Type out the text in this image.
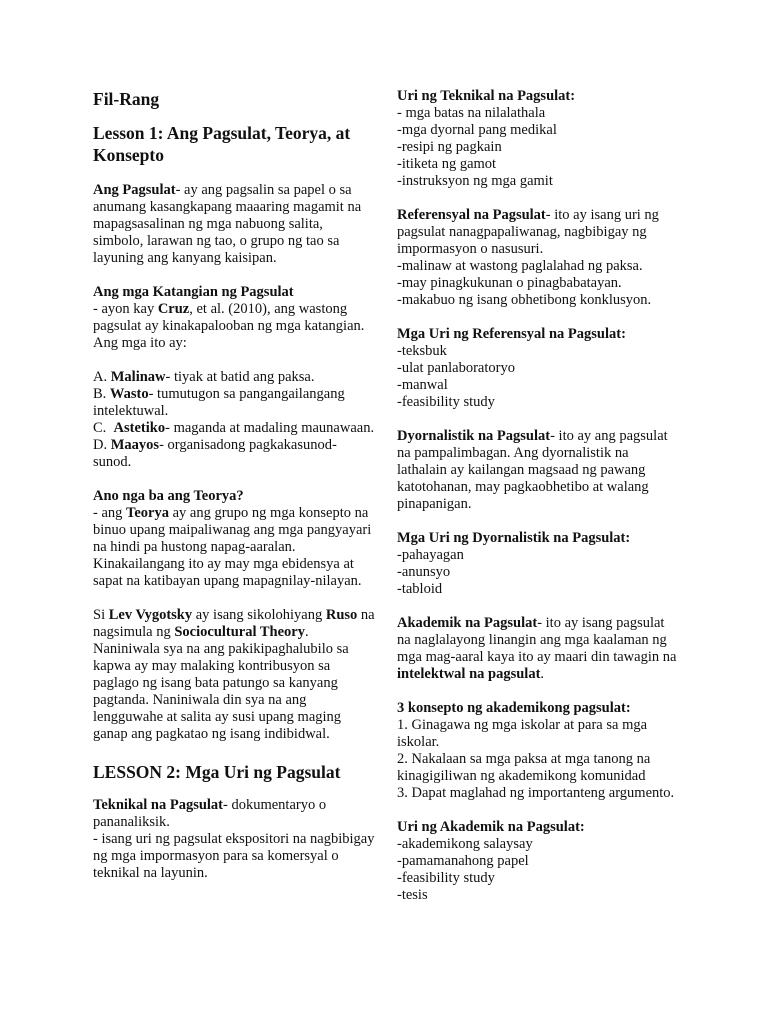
Fil-Rang

Lesson 1: Ang Pagsulat, Teorya, at Konsepto

Ang Pagsulat- ay ang pagsalin sa papel o sa anumang kasangkapang maaaring magamit na mapagsasalinan ng mga nabuong salita, simbolo, larawan ng tao, o grupo ng tao sa layuning ang kanyang kaisipan.

Ang mga Katangian ng Pagsulat

- ayon kay Cruz, et al. (2010), ang wastong pagsulat ay kinakapalooban ng mga katangian. Ang mga ito ay:

A. Malinaw- tiyak at batid ang paksa.

B. Wasto- tumutugon sa pangangailangang intelektuwal.

C.  Astetiko- maganda at madaling maunawaan.

D. Maayos- organisadong pagkakasunod-sunod.

Ano nga ba ang Teorya?

- ang Teorya ay ang grupo ng mga konsepto na binuo upang maipaliwanag ang mga pangyayari na hindi pa hustong napag-aaralan. Kinakailangang ito ay may mga ebidensya at sapat na katibayan upang mapagnilay-nilayan.

Si Lev Vygotsky ay isang sikolohiyang Ruso na nagsimula ng Sociocultural Theory. Naniniwala sya na ang pakikipaghalubilo sa kapwa ay may malaking kontribusyon sa paglago ng isang bata patungo sa kanyang pagtanda. Naniniwala din sya na ang lengguwahe at salita ay susi upang maging ganap ang pagkatao ng isang indibidwal.

LESSON 2: Mga Uri ng Pagsulat

Teknikal na Pagsulat- dokumentaryo o pananaliksik.

- isang uri ng pagsulat ekspositori na nagbibigay ng mga impormasyon para sa komersyal o teknikal na layunin.

Uri ng Teknikal na Pagsulat:

- mga batas na nilalathala

-mga dyornal pang medikal

-resipi ng pagkain

-itiketa ng gamot

-instruksyon ng mga gamit

Referensyal na Pagsulat- ito ay isang uri ng pagsulat nanagpapaliwanag, nagbibigay ng impormasyon o nasusuri.

-malinaw at wastong paglalahad ng paksa.

-may pinagkukunan o pinagbabatayan.

-makabuo ng isang obhetibong konklusyon.

Mga Uri ng Referensyal na Pagsulat:

-teksbuk

-ulat panlaboratoryo

-manwal

-feasibility study

Dyornalistik na Pagsulat- ito ay ang pagsulat na pampalimbagan. Ang dyornalistik na lathalain ay kailangan magsaad ng pawang katotohanan, may pagkaobhetibo at walang pinapanigan.

Mga Uri ng Dyornalistik na Pagsulat:

-pahayagan

-anunsyo

-tabloid

Akademik na Pagsulat- ito ay isang pagsulat na naglalayong linangin ang mga kaalaman ng mga mag-aaral kaya ito ay maari din tawagin na intelektwal na pagsulat.

3 konsepto ng akademikong pagsulat:

1. Ginagawa ng mga iskolar at para sa mga iskolar.

2. Nakalaan sa mga paksa at mga tanong na kinagigiliwan ng akademikong komunidad

3. Dapat maglahad ng importanteng argumento.

Uri ng Akademik na Pagsulat:

-akademikong salaysay

-pamamanahong papel

-feasibility study

-tesis
